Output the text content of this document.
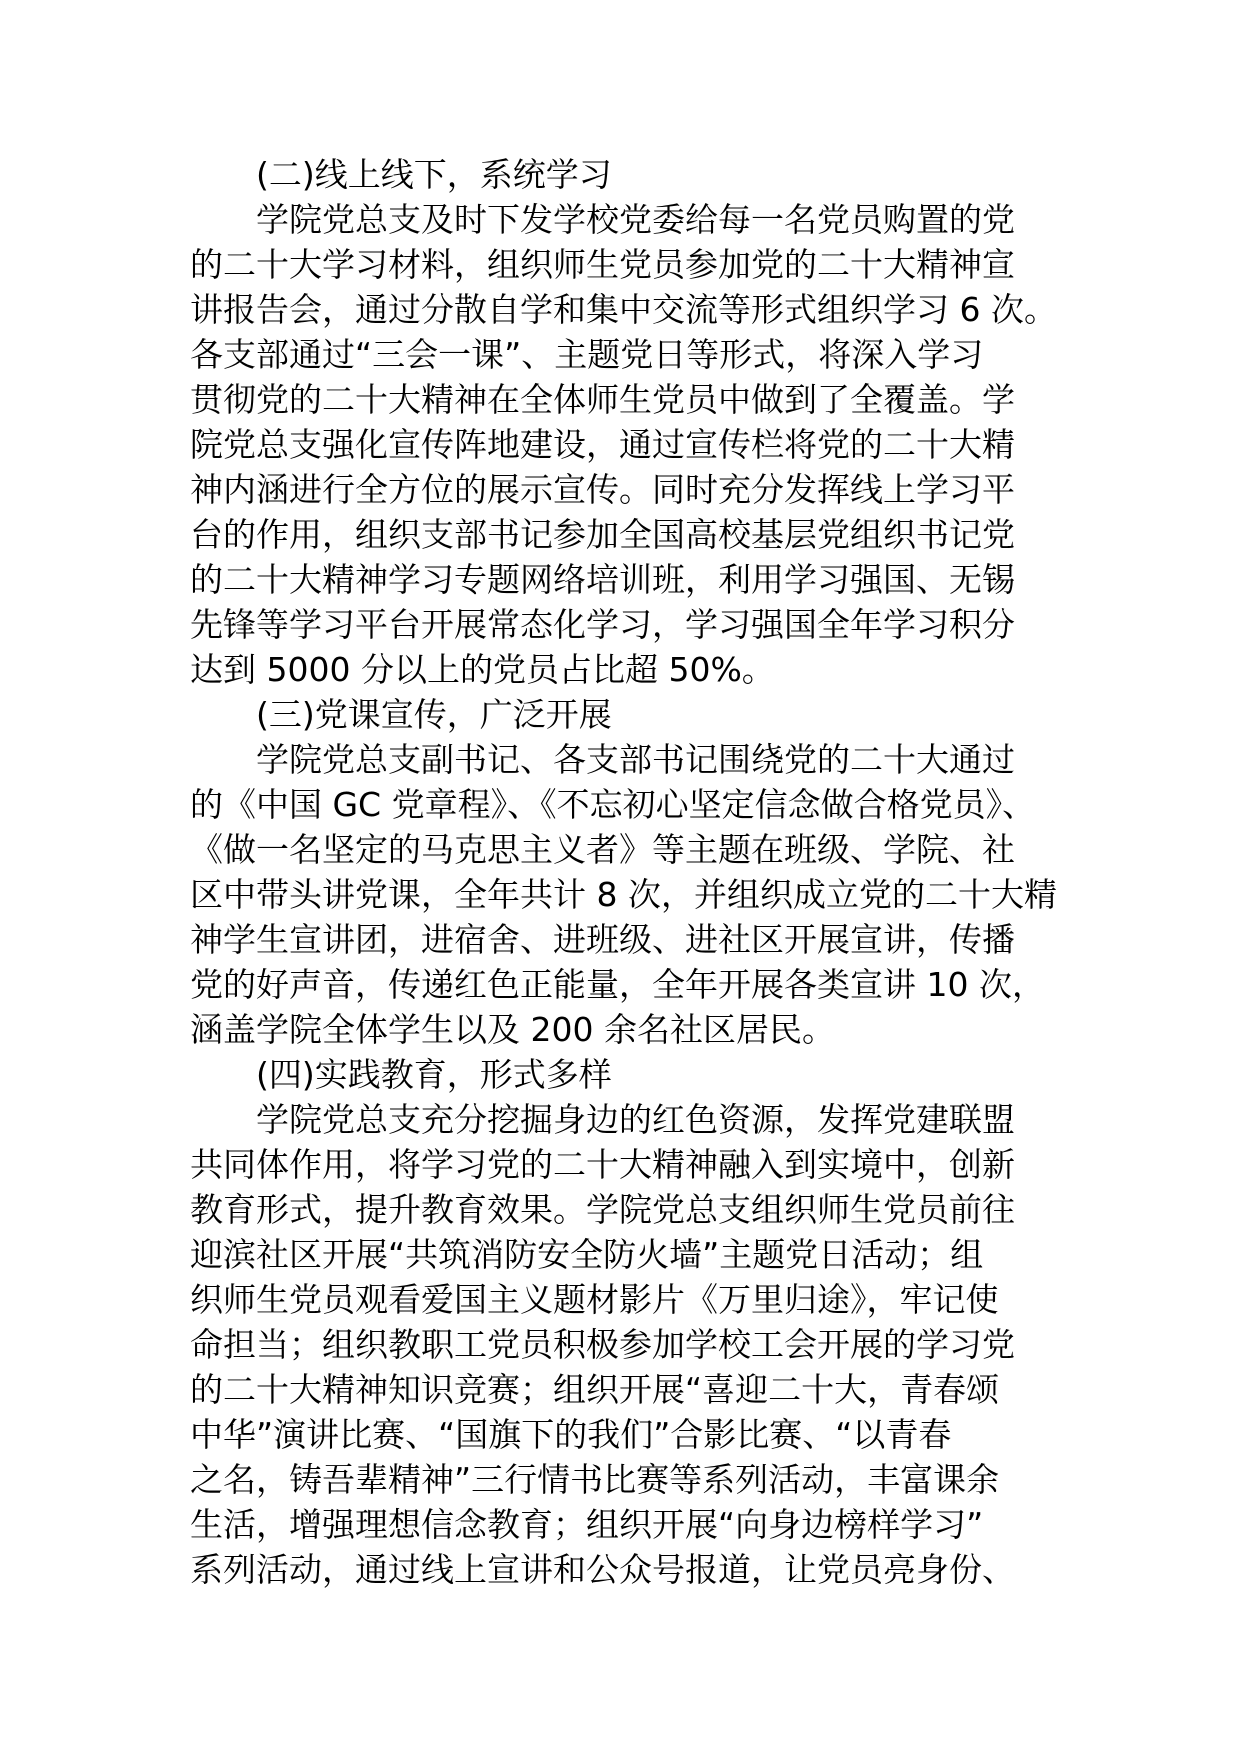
(二)线上线下，系统学习
学院党总支及时下发学校党委给每一名党员购置的党
的二十大学习材料，组织师生党员参加党的二十大精神宣
讲报告会，通过分散自学和集中交流等形式组织学习 6 次。
各支部通过“三会一课”、主题党日等形式，将深入学习
贯彻党的二十大精神在全体师生党员中做到了全覆盖。学
院党总支强化宣传阵地建设，通过宣传栏将党的二十大精
神内涵进行全方位的展示宣传。同时充分发挥线上学习平
台的作用，组织支部书记参加全国高校基层党组织书记党
的二十大精神学习专题网络培训班，利用学习强国、无锡
先锋等学习平台开展常态化学习，学习强国全年学习积分
达到 5000 分以上的党员占比超 50%。
(三)党课宣传，广泛开展
学院党总支副书记、各支部书记围绕党的二十大通过
的《中国 GC 党章程》、《不忘初心坚定信念做合格党员》、
《做一名坚定的马克思主义者》等主题在班级、学院、社
区中带头讲党课，全年共计 8 次，并组织成立党的二十大精
神学生宣讲团，进宿舍、进班级、进社区开展宣讲，传播
党的好声音，传递红色正能量，全年开展各类宣讲 10 次，
涵盖学院全体学生以及 200 余名社区居民。
(四)实践教育，形式多样
学院党总支充分挖掘身边的红色资源，发挥党建联盟
共同体作用，将学习党的二十大精神融入到实境中，创新
教育形式，提升教育效果。学院党总支组织师生党员前往
迎滨社区开展“共筑消防安全防火墙”主题党日活动；组
织师生党员观看爱国主义题材影片《万里归途》，牢记使
命担当；组织教职工党员积极参加学校工会开展的学习党
的二十大精神知识竞赛；组织开展“喜迎二十大，青春颂
中华”演讲比赛、“国旗下的我们”合影比赛、“以青春
之名，铸吾辈精神”三行情书比赛等系列活动，丰富课余
生活，增强理想信念教育；组织开展“向身边榜样学习”
系列活动，通过线上宣讲和公众号报道，让党员亮身份、
